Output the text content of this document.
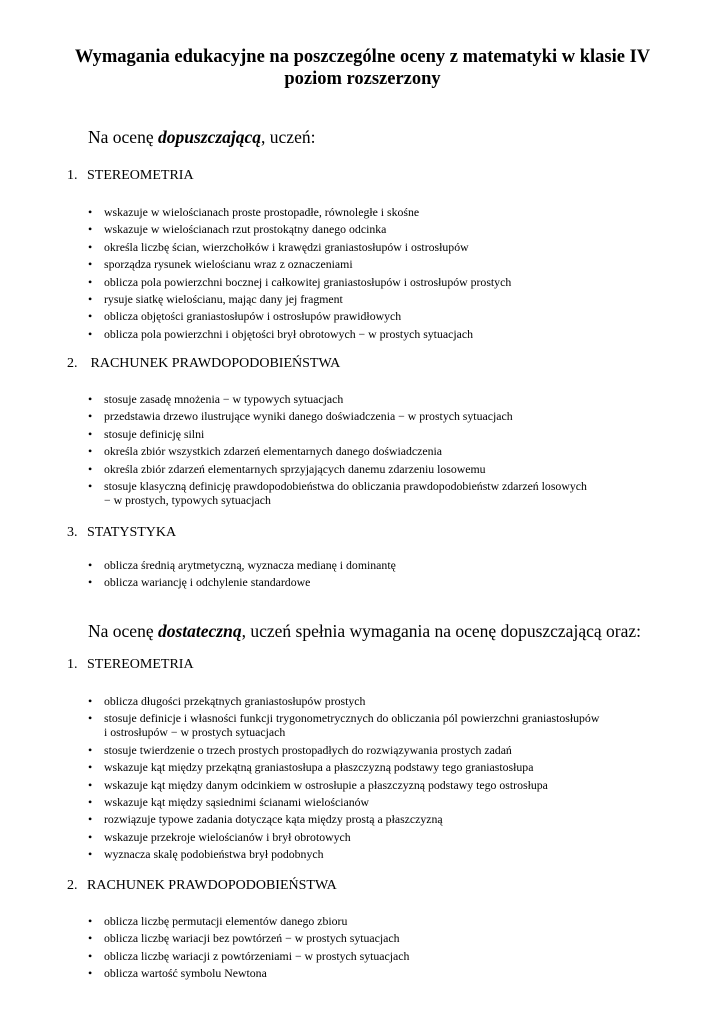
Wymagania edukacyjne na poszczególne oceny z matematyki w klasie IV
poziom rozszerzony

Na ocenę dopuszczającą, uczeń:

1. STEREOMETRIA

• wskazuje w wielościanach proste prostopadłe, równoległe i skośne
• wskazuje w wielościanach rzut prostokątny danego odcinka
• określa liczbę ścian, wierzchołków i krawędzi graniastosłupów i ostrosłupów
• sporządza rysunek wielościanu wraz z oznaczeniami
• oblicza pola powierzchni bocznej i całkowitej graniastosłupów i ostrosłupów prostych
• rysuje siatkę wielościanu, mając dany jej fragment
• oblicza objętości graniastosłupów i ostrosłupów prawidłowych
• oblicza pola powierzchni i objętości brył obrotowych − w prostych sytuacjach

2. RACHUNEK PRAWDOPODOBIEŃSTWA

• stosuje zasadę mnożenia − w typowych sytuacjach
• przedstawia drzewo ilustrujące wyniki danego doświadczenia − w prostych sytuacjach
• stosuje definicję silni
• określa zbiór wszystkich zdarzeń elementarnych danego doświadczenia
• określa zbiór zdarzeń elementarnych sprzyjających danemu zdarzeniu losowemu
• stosuje klasyczną definicję prawdopodobieństwa do obliczania prawdopodobieństw zdarzeń losowych
− w prostych, typowych sytuacjach

3. STATYSTYKA

• oblicza średnią arytmetyczną, wyznacza medianę i dominantę
• oblicza wariancję i odchylenie standardowe

Na ocenę dostateczną, uczeń spełnia wymagania na ocenę dopuszczającą oraz:

1. STEREOMETRIA

• oblicza długości przekątnych graniastosłupów prostych
• stosuje definicje i własności funkcji trygonometrycznych do obliczania pól powierzchni graniastosłupów
i ostrosłupów − w prostych sytuacjach
• stosuje twierdzenie o trzech prostych prostopadłych do rozwiązywania prostych zadań
• wskazuje kąt między przekątną graniastosłupa a płaszczyzną podstawy tego graniastosłupa
• wskazuje kąt między danym odcinkiem w ostrosłupie a płaszczyzną podstawy tego ostrosłupa
• wskazuje kąt między sąsiednimi ścianami wielościanów
• rozwiązuje typowe zadania dotyczące kąta między prostą a płaszczyzną
• wskazuje przekroje wielościanów i brył obrotowych
• wyznacza skalę podobieństwa brył podobnych

2. RACHUNEK PRAWDOPODOBIEŃSTWA

• oblicza liczbę permutacji elementów danego zbioru
• oblicza liczbę wariacji bez powtórzeń − w prostych sytuacjach
• oblicza liczbę wariacji z powtórzeniami − w prostych sytuacjach
• oblicza wartość symbolu Newtona
